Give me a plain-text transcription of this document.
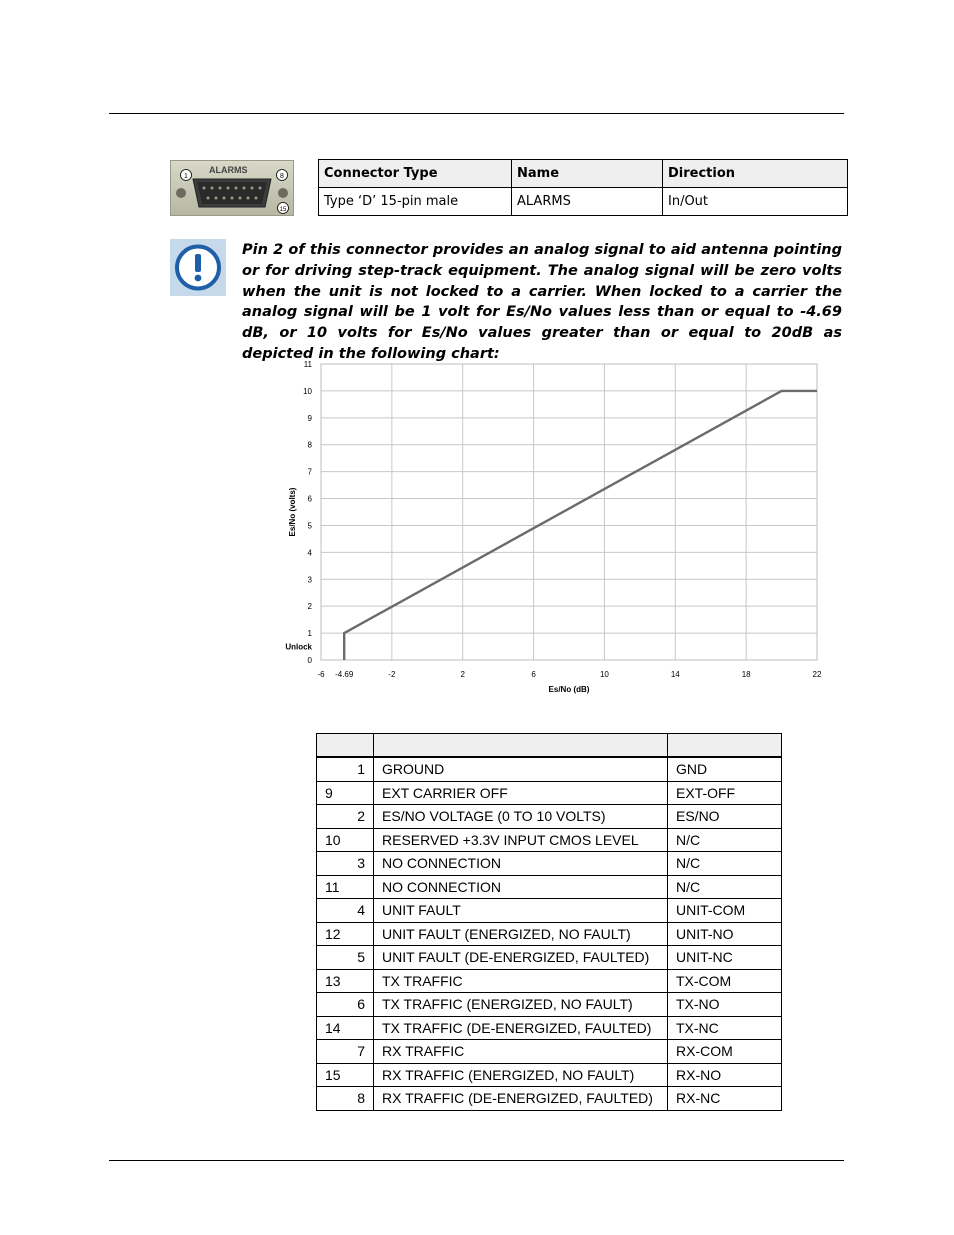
ALARMS
1	8
15
Connector Type	Name	Direction
Type ‘D’ 15-pin male	ALARMS	In/Out
Pin 2 of this connector provides an analog signal to aid antenna pointing or for driving step-track equipment. The analog signal will be zero volts when the unit is not locked to a carrier. When locked to a carrier the analog signal will be 1 volt for Es/No values less than or equal to -4.69 dB, or 10 volts for Es/No values greater than or equal to 20dB as depicted in the following chart:
0
1
2
3
4
5
6
7
8
9
10
11
-6 -4.69	-2	2	6	10	14	18	22
Unlock
Es/No (dB)
Es/No (volts)

1	GROUND	GND
9	EXT CARRIER OFF	EXT-OFF
2	ES/NO VOLTAGE (0 TO 10 VOLTS)	ES/NO
10	RESERVED +3.3V INPUT CMOS LEVEL	N/C
3	NO CONNECTION	N/C
11	NO CONNECTION	N/C
4	UNIT FAULT	UNIT-COM
12	UNIT FAULT (ENERGIZED, NO FAULT)	UNIT-NO
5	UNIT FAULT (DE-ENERGIZED, FAULTED)	UNIT-NC
13	TX TRAFFIC	TX-COM
6	TX TRAFFIC (ENERGIZED, NO FAULT)	TX-NO
14	TX TRAFFIC (DE-ENERGIZED, FAULTED)	TX-NC
7	RX TRAFFIC	RX-COM
15	RX TRAFFIC (ENERGIZED, NO FAULT)	RX-NO
8	RX TRAFFIC (DE-ENERGIZED, FAULTED)	RX-NC
